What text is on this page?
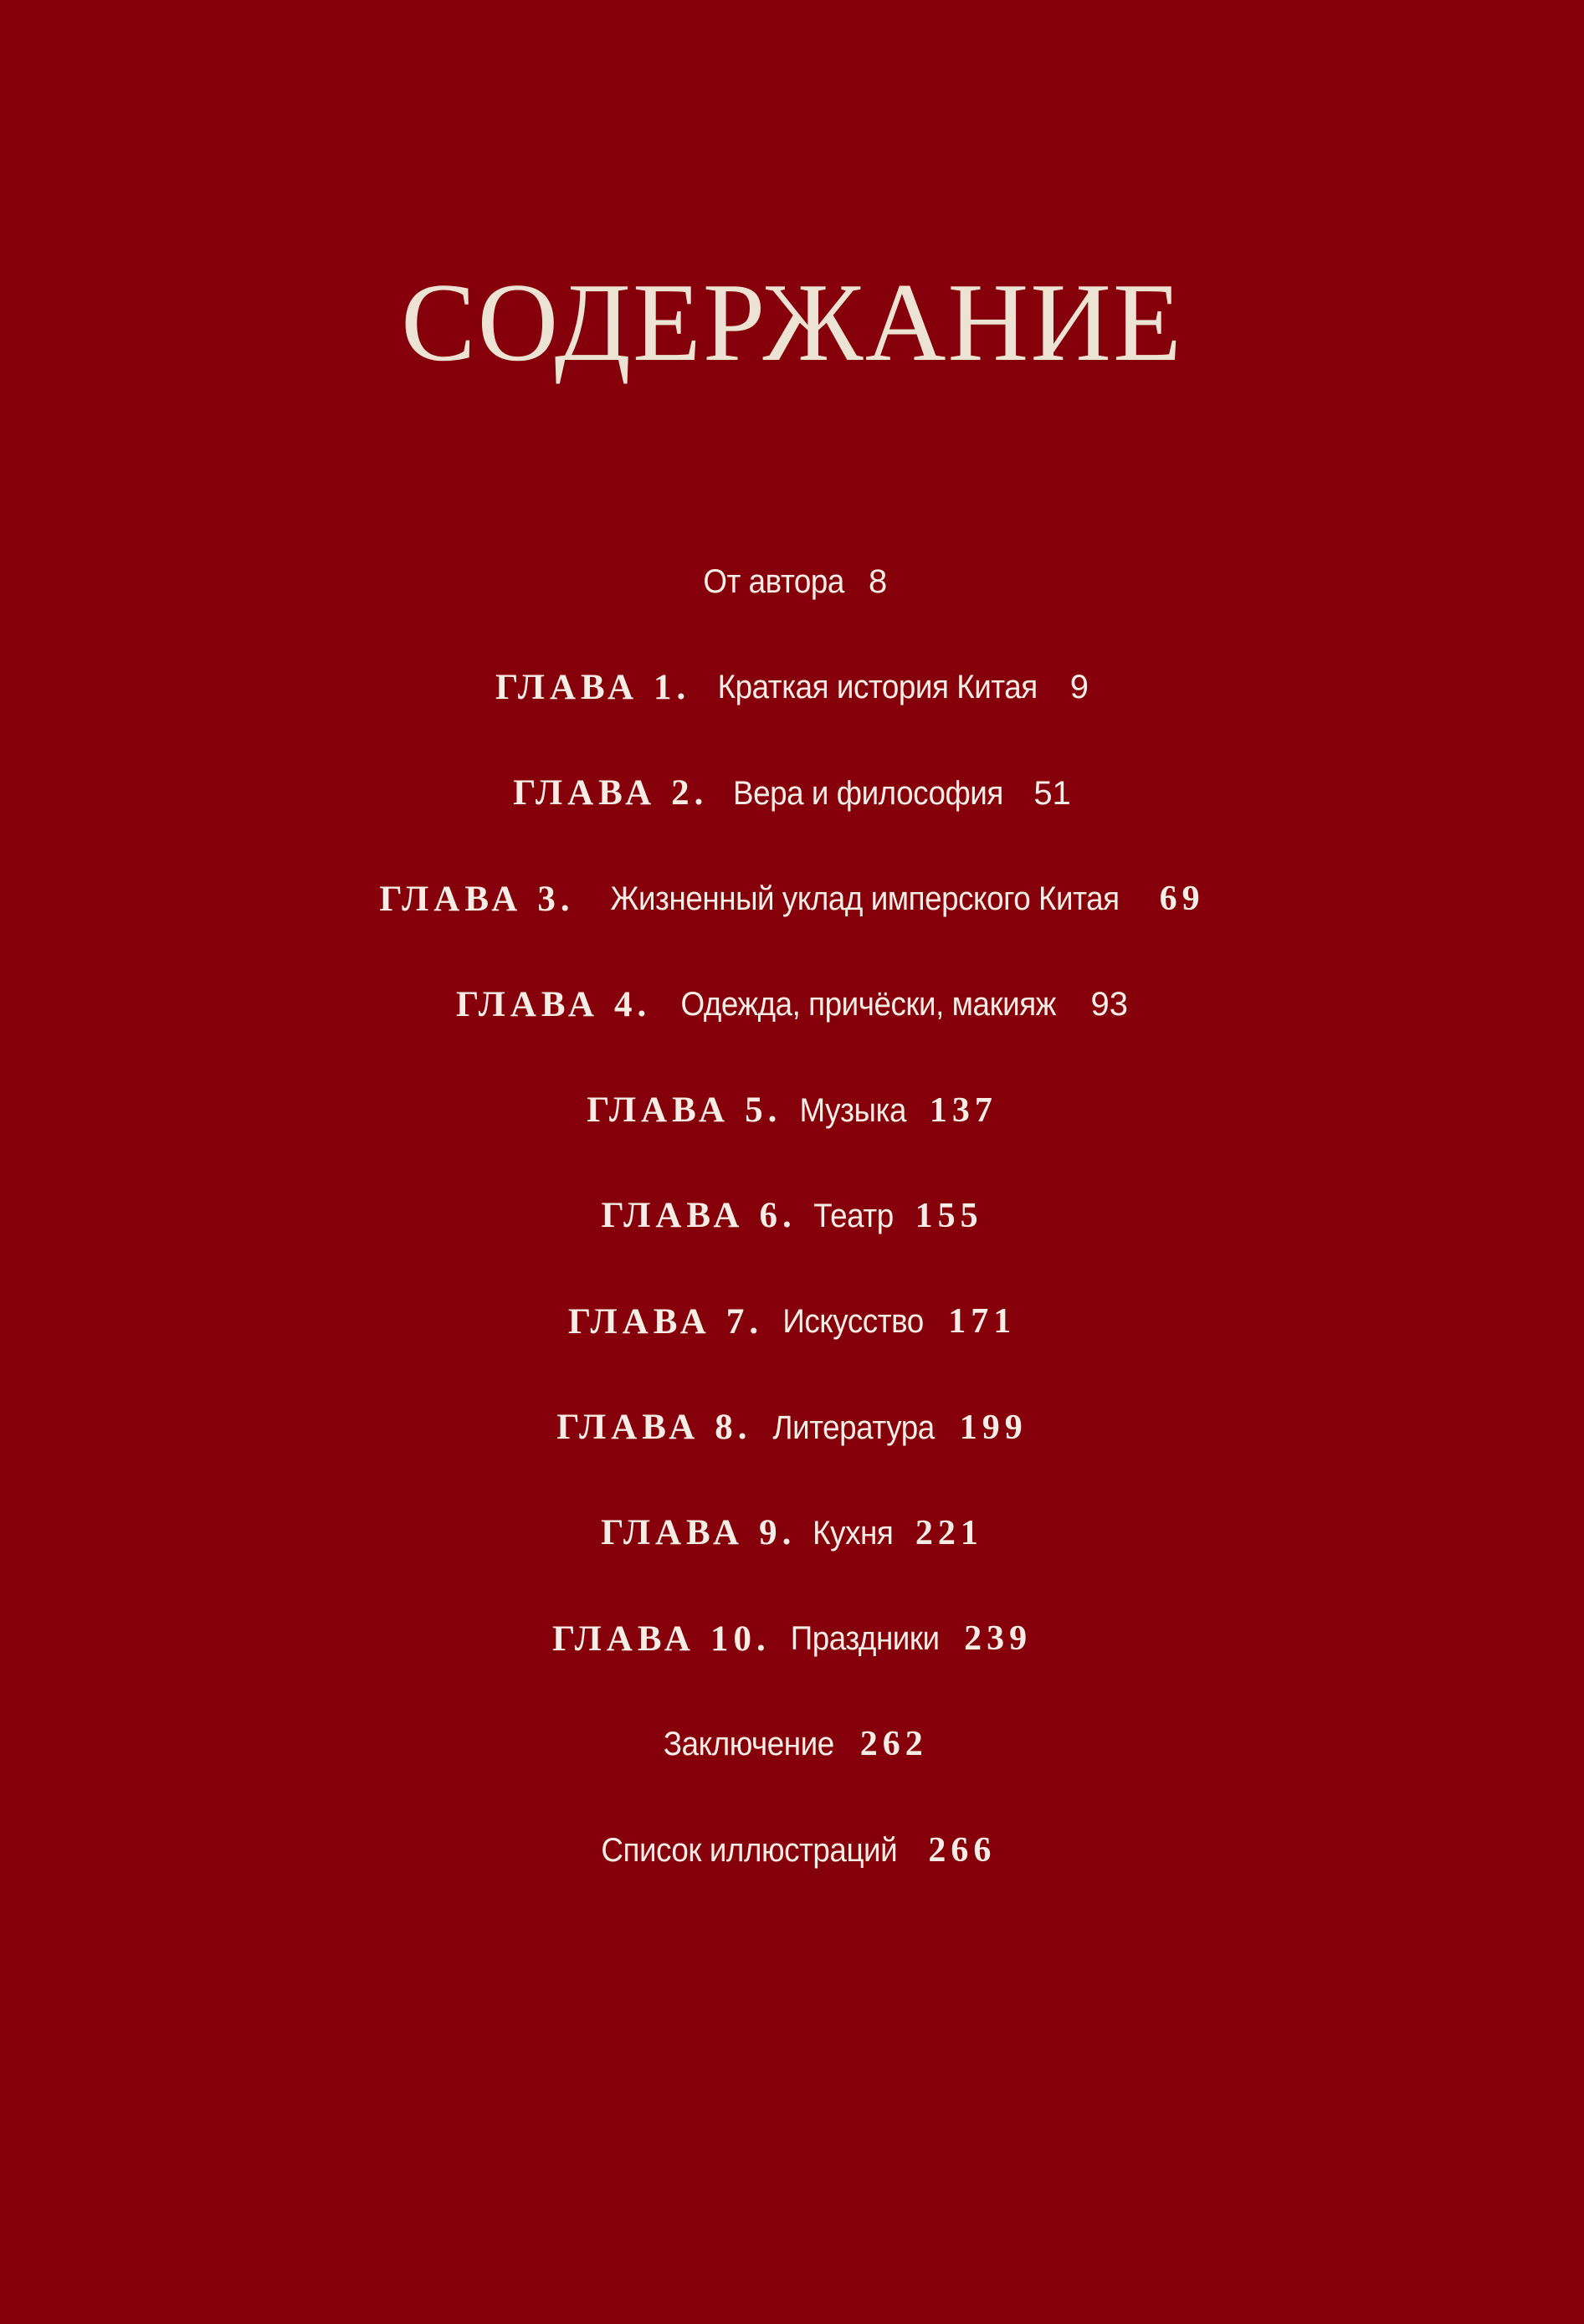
СОДЕРЖАНИЕ
От автора 8
ГЛАВА 1 . Краткая история Китая 9
ГЛАВА 2 . Вера и философия 51
ГЛАВА 3 . Жизненный уклад имперского Китая 69
ГЛАВА 4 . Одежда, причёски, макияж 93
ГЛАВА 5 . Музыка 137
ГЛАВА 6 . Театр 155
ГЛАВА 7 . Искусство 171
ГЛАВА 8 . Литература 199
ГЛАВА 9 . Кухня 221
ГЛАВА 10 . Праздники 239
Заключение 262
Список иллюстраций 266
